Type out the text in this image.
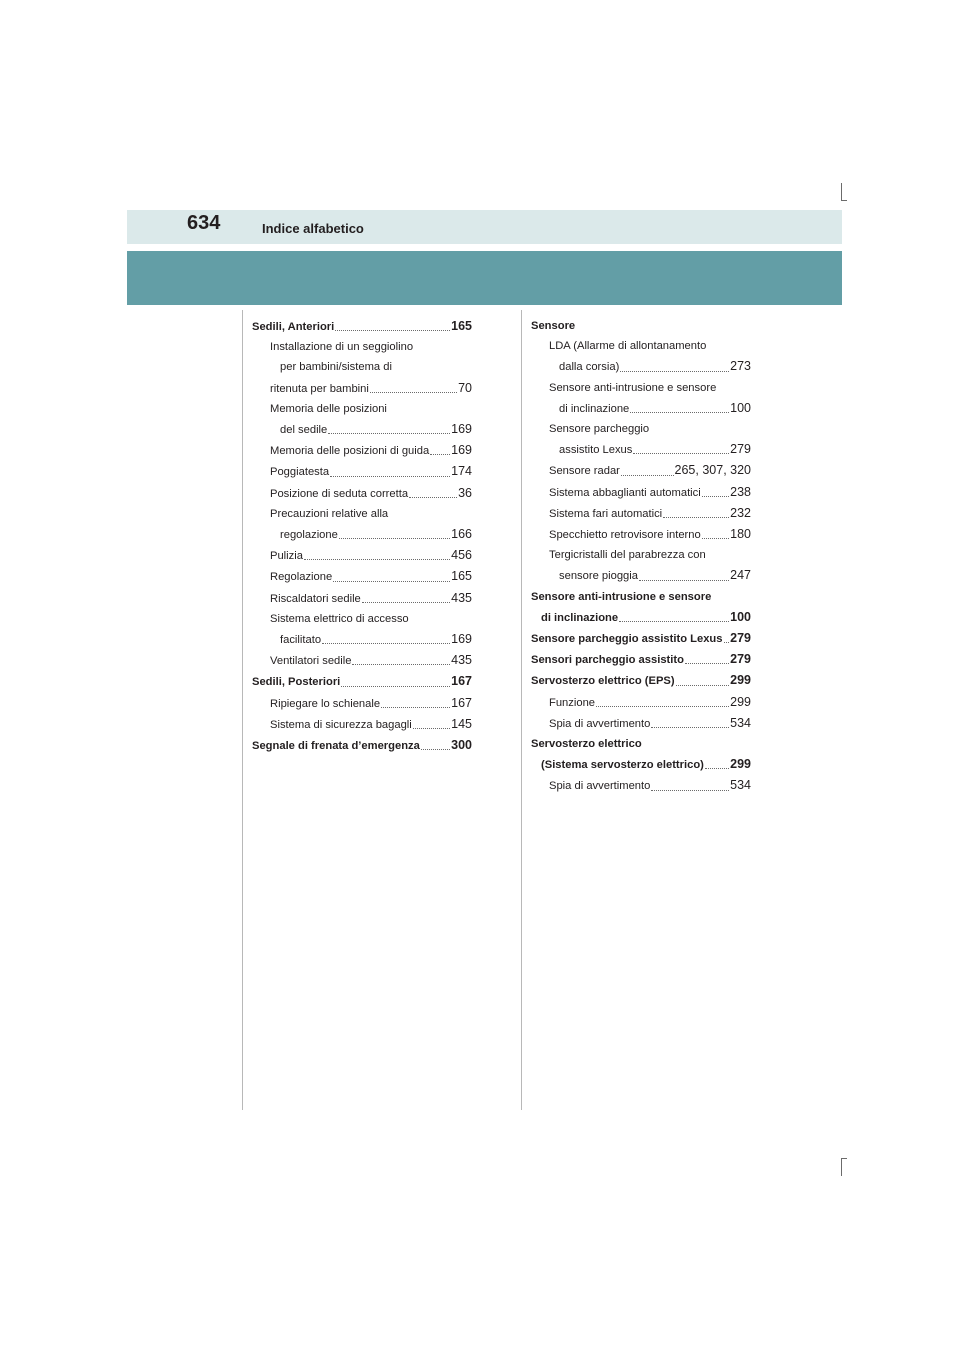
634	Indice alfabetico
Sedili, Anteriori	165
Installazione di un seggiolino
per bambini/sistema di
ritenuta per bambini	70
Memoria delle posizioni
del sedile	169
Memoria delle posizioni di guida 169
Poggiatesta	174
Posizione di seduta corretta	36
Precauzioni relative alla
regolazione	166
Pulizia	456
Regolazione	165
Riscaldatori sedile	435
Sistema elettrico di accesso
facilitato	169
Ventilatori sedile	435
Sedili, Posteriori	167
Ripiegare lo schienale	167
Sistema di sicurezza bagagli	145
Segnale di frenata d’emergenza	300
Sensore
LDA (Allarme di allontanamento
dalla corsia)	273
Sensore anti-intrusione e sensore
di inclinazione	100
Sensore parcheggio
assistito Lexus	279
Sensore radar	265, 307, 320
Sistema abbaglianti automatici 238
Sistema fari automatici	232
Specchietto retrovisore interno 180
Tergicristalli del parabrezza con
sensore pioggia	247
Sensore anti-intrusione e sensore
di inclinazione	100
Sensore parcheggio assistito Lexus 279
Sensori parcheggio assistito	279
Servosterzo elettrico (EPS)	299
Funzione	299
Spia di avvertimento	534
Servosterzo elettrico
(Sistema servosterzo elettrico) 299
Spia di avvertimento	534
